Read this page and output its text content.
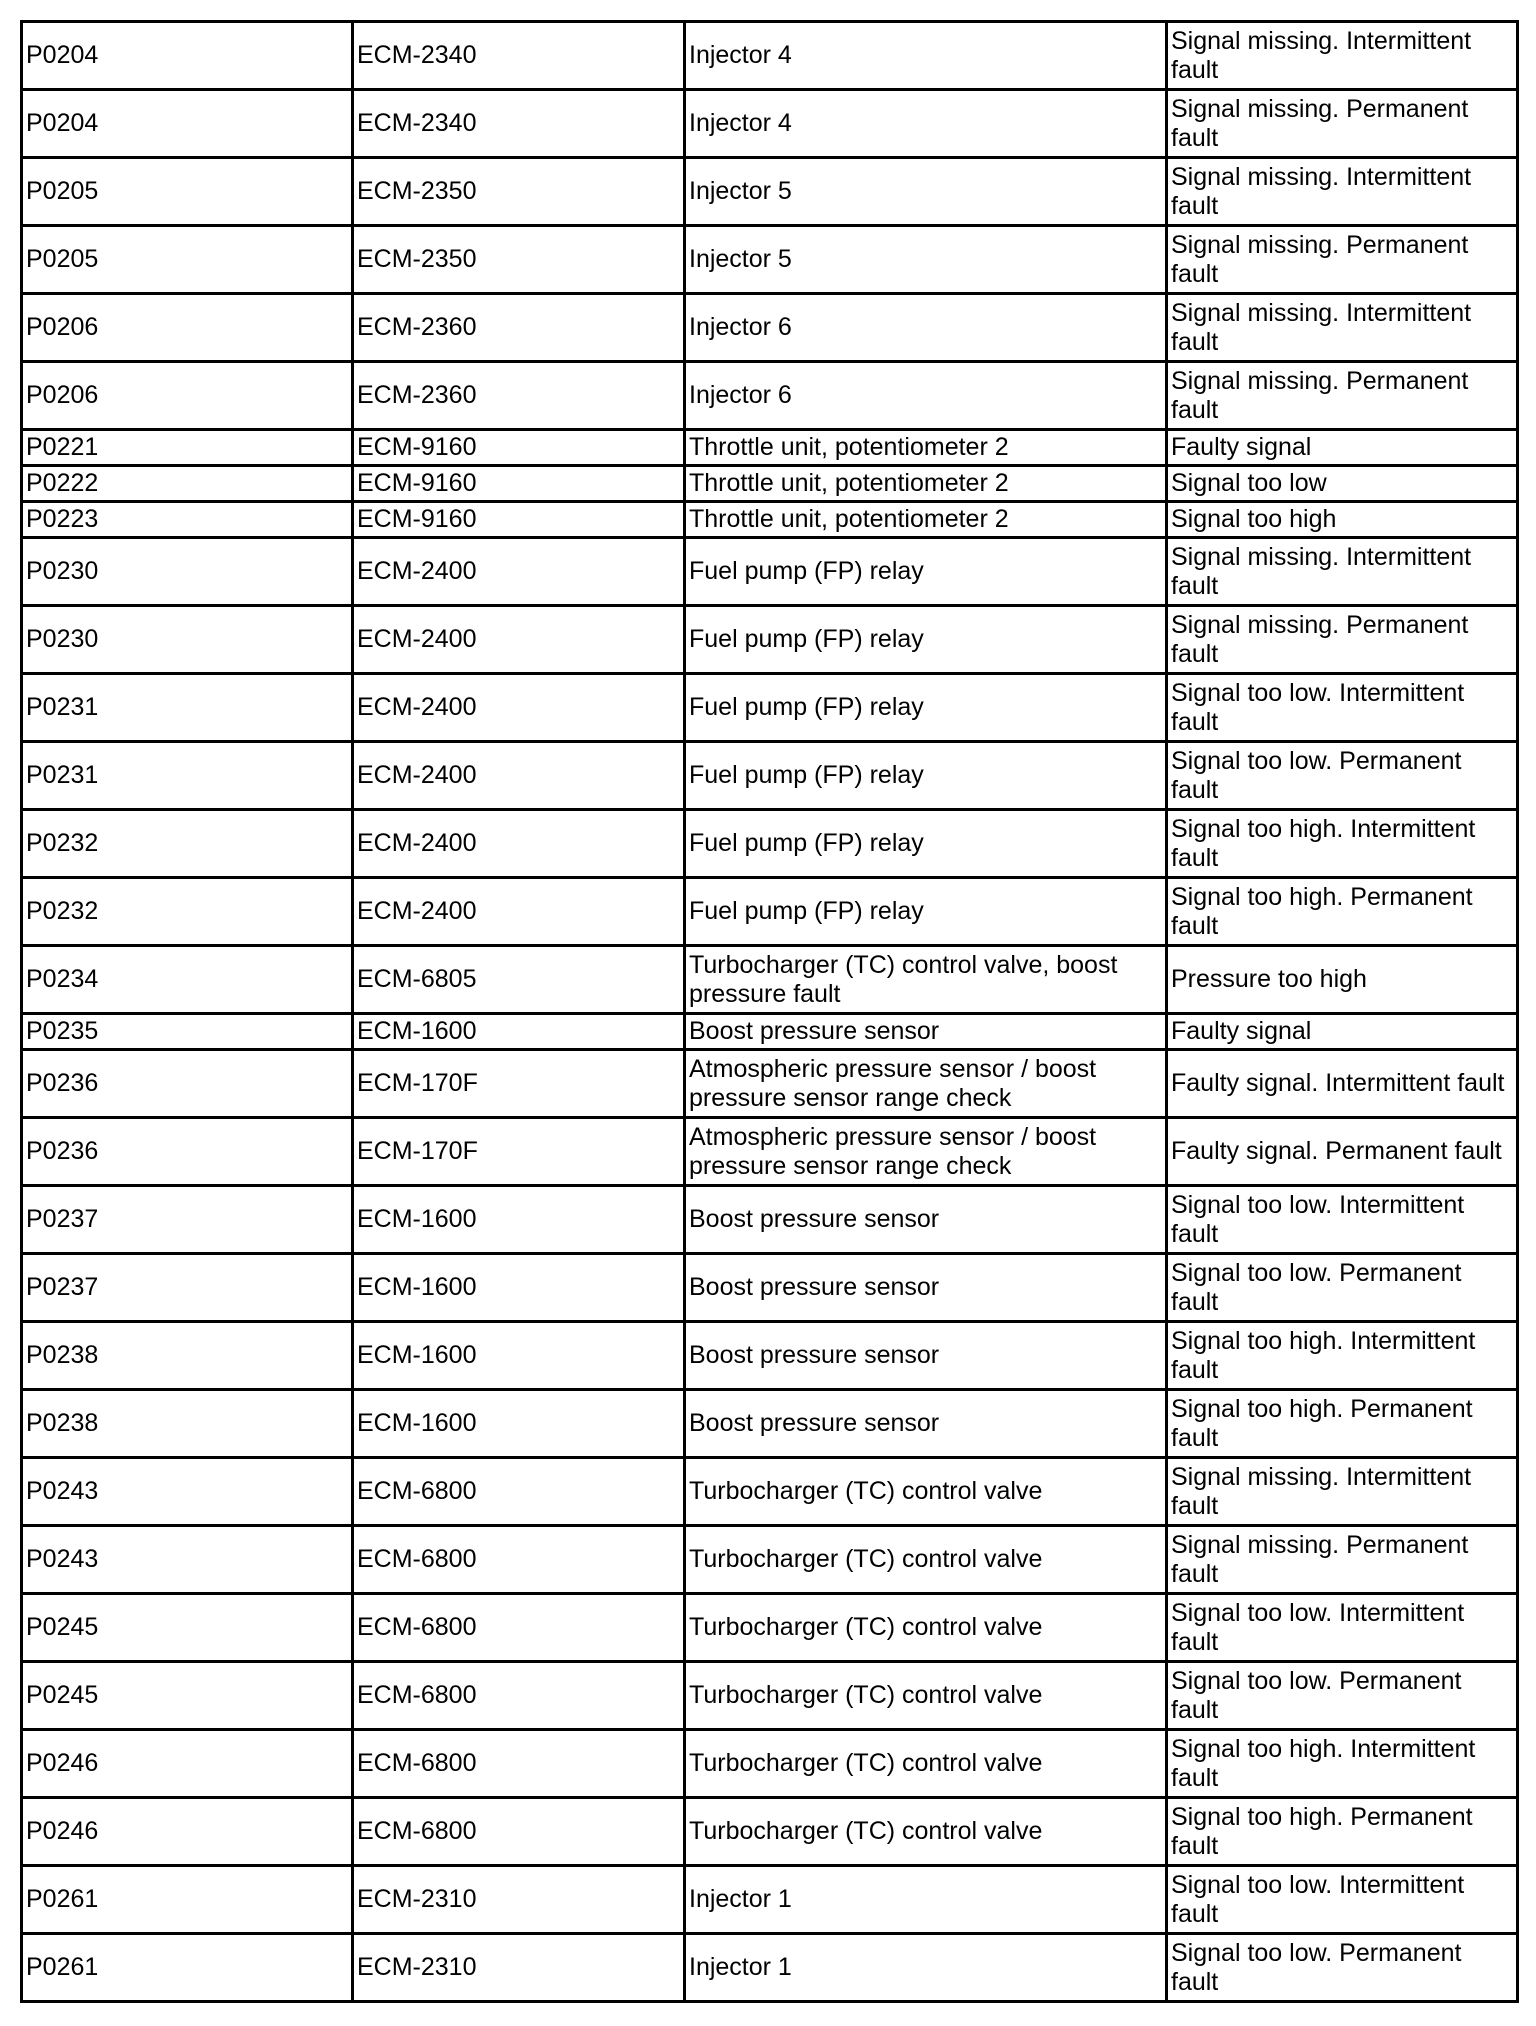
P0204	ECM-2340	Injector 4	Signal missing. Intermittent fault
P0204	ECM-2340	Injector 4	Signal missing. Permanent fault
P0205	ECM-2350	Injector 5	Signal missing. Intermittent fault
P0205	ECM-2350	Injector 5	Signal missing. Permanent fault
P0206	ECM-2360	Injector 6	Signal missing. Intermittent fault
P0206	ECM-2360	Injector 6	Signal missing. Permanent fault
P0221	ECM-9160	Throttle unit, potentiometer 2	Faulty signal
P0222	ECM-9160	Throttle unit, potentiometer 2	Signal too low
P0223	ECM-9160	Throttle unit, potentiometer 2	Signal too high
P0230	ECM-2400	Fuel pump (FP) relay	Signal missing. Intermittent fault
P0230	ECM-2400	Fuel pump (FP) relay	Signal missing. Permanent fault
P0231	ECM-2400	Fuel pump (FP) relay	Signal too low. Intermittent fault
P0231	ECM-2400	Fuel pump (FP) relay	Signal too low. Permanent fault
P0232	ECM-2400	Fuel pump (FP) relay	Signal too high. Intermittent fault
P0232	ECM-2400	Fuel pump (FP) relay	Signal too high. Permanent fault
P0234	ECM-6805	Turbocharger (TC) control valve, boost pressure fault	Pressure too high
P0235	ECM-1600	Boost pressure sensor	Faulty signal
P0236	ECM-170F	Atmospheric pressure sensor / boost pressure sensor range check	Faulty signal. Intermittent fault
P0236	ECM-170F	Atmospheric pressure sensor / boost pressure sensor range check	Faulty signal. Permanent fault
P0237	ECM-1600	Boost pressure sensor	Signal too low. Intermittent fault
P0237	ECM-1600	Boost pressure sensor	Signal too low. Permanent fault
P0238	ECM-1600	Boost pressure sensor	Signal too high. Intermittent fault
P0238	ECM-1600	Boost pressure sensor	Signal too high. Permanent fault
P0243	ECM-6800	Turbocharger (TC) control valve	Signal missing. Intermittent fault
P0243	ECM-6800	Turbocharger (TC) control valve	Signal missing. Permanent fault
P0245	ECM-6800	Turbocharger (TC) control valve	Signal too low. Intermittent fault
P0245	ECM-6800	Turbocharger (TC) control valve	Signal too low. Permanent fault
P0246	ECM-6800	Turbocharger (TC) control valve	Signal too high. Intermittent fault
P0246	ECM-6800	Turbocharger (TC) control valve	Signal too high. Permanent fault
P0261	ECM-2310	Injector 1	Signal too low. Intermittent fault
P0261	ECM-2310	Injector 1	Signal too low. Permanent fault
